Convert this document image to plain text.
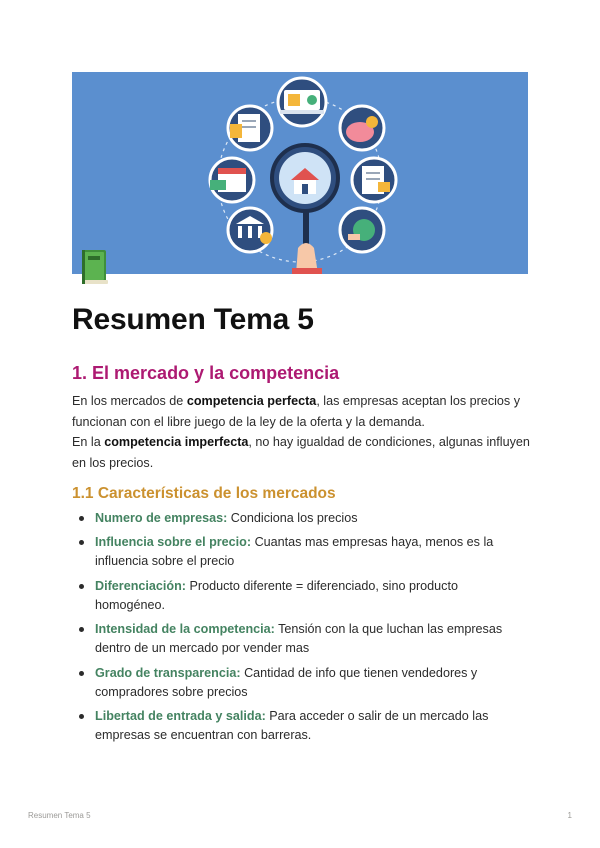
Resumen Tema 5
1. El mercado y la competencia

En los mercados de competencia perfecta, las empresas aceptan los precios y funcionan con el libre juego de la ley de la oferta y la demanda.

En la competencia imperfecta, no hay igualdad de condiciones, algunas influyen en los precios.

1.1 Características de los mercados
Numero de empresas: Condiciona los precios
Influencia sobre el precio: Cuantas mas empresas haya, menos es la influencia sobre el precio
Diferenciación: Producto diferente = diferenciado, sino producto homogéneo.
Intensidad de la competencia: Tensión con la que luchan las empresas dentro de un mercado por vender mas
Grado de transparencia: Cantidad de info que tienen vendedores y compradores sobre precios
Libertad de entrada y salida: Para acceder o salir de un mercado las empresas se encuentran con barreras.
Resumen Tema 5	1
